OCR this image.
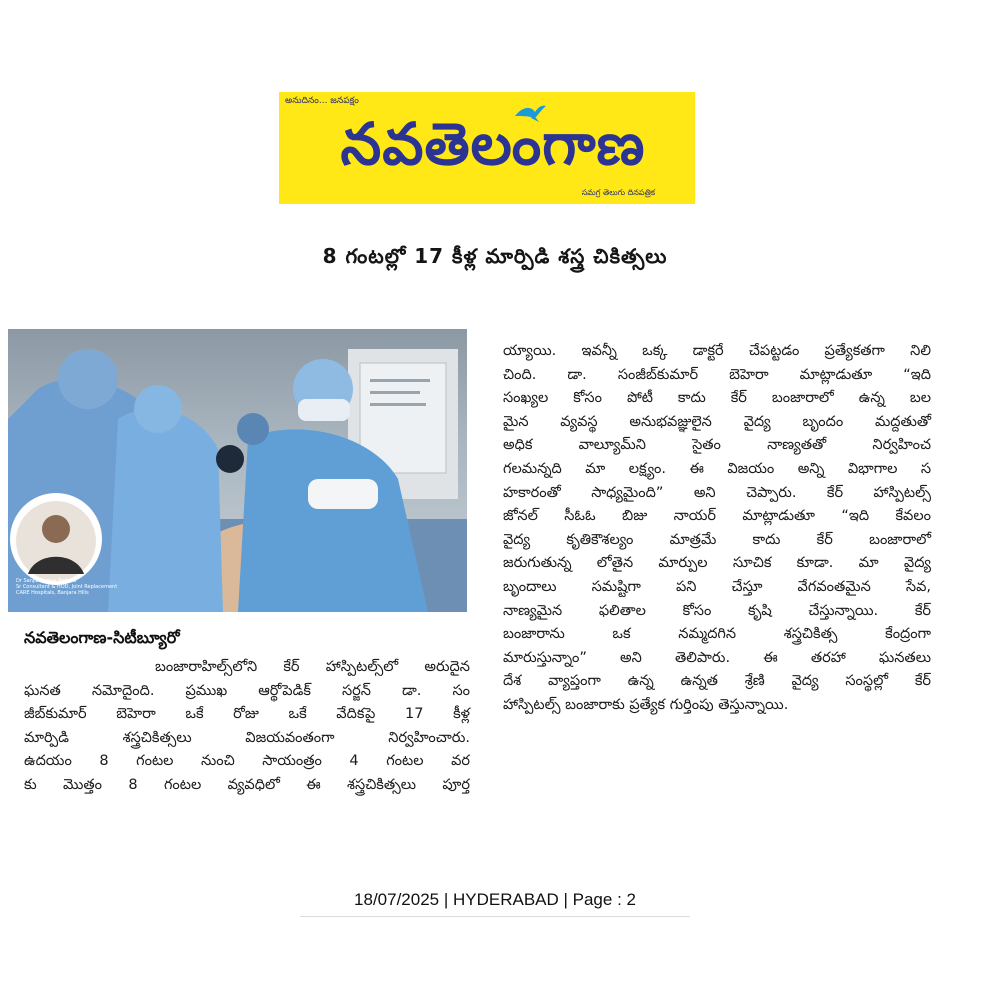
అనుదినం... జనపక్షం
నవతెలంగాణ
సమగ్ర తెలుగు దినపత్రిక
8 గంటల్లో 17 కీళ్ల మార్పిడి శస్త్ర చికిత్సలు
Dr Sanjib Kumar Behera
Sr Consultant & HOD, Joint Replacement
CARE Hospitals, Banjara Hills
నవతెలంగాణ-సిటీబ్యూరో

బంజారాహిల్స్‌లోని కేర్ హాస్పిటల్స్‌లో అరుదైన

ఘనత నమోదైంది. ప్రముఖ ఆర్థోపెడిక్ సర్జన్ డా. సం

జీబ్‌కుమార్ బెహెరా ఒకే రోజు ఒకే వేదికపై 17 కీళ్ల

మార్పిడి శస్త్రచికిత్సలు విజయవంతంగా నిర్వహించారు.

ఉదయం 8 గంటల నుంచి సాయంత్రం 4 గంటల వర

కు మొత్తం 8 గంటల వ్యవధిలో ఈ శస్త్రచికిత్సలు పూర్త

య్యాయి. ఇవన్నీ ఒక్క డాక్టరే చేపట్టడం ప్రత్యేకతగా నిలి

చింది. డా. సంజీబ్‌కుమార్ బెహెరా మాట్లాడుతూ “ఇది

సంఖ్యల కోసం పోటీ కాదు కేర్ బంజారాలో ఉన్న బల

మైన వ్యవస్థ అనుభవజ్ఞులైన వైద్య బృందం మద్దతుతో

అధిక వాల్యూమ్‌ని సైతం నాణ్యతతో నిర్వహించ

గలమన్నది మా లక్ష్యం. ఈ విజయం అన్ని విభాగాల స

హకారంతో సాధ్యమైంది” అని చెప్పారు. కేర్ హాస్పిటల్స్

జోనల్ సీఓఓ బిజు నాయర్ మాట్లాడుతూ “ఇది కేవలం

వైద్య కృతికౌశల్యం మాత్రమే కాదు కేర్ బంజారాలో

జరుగుతున్న లోతైన మార్పుల సూచిక కూడా. మా వైద్య

బృందాలు సమష్టిగా పని చేస్తూ వేగవంతమైన సేవ,

నాణ్యమైన ఫలితాల కోసం కృషి చేస్తున్నాయి. కేర్

బంజారాను ఒక నమ్మదగిన శస్త్రచికిత్స కేంద్రంగా

మారుస్తున్నాం” అని తెలిపారు. ఈ తరహా ఘనతలు

దేశ వ్యాప్తంగా ఉన్న ఉన్నత శ్రేణి వైద్య సంస్థల్లో కేర్

హాస్పిటల్స్ బంజారాకు ప్రత్యేక గుర్తింపు తెస్తున్నాయి.

18/07/2025 | HYDERABAD | Page : 2
